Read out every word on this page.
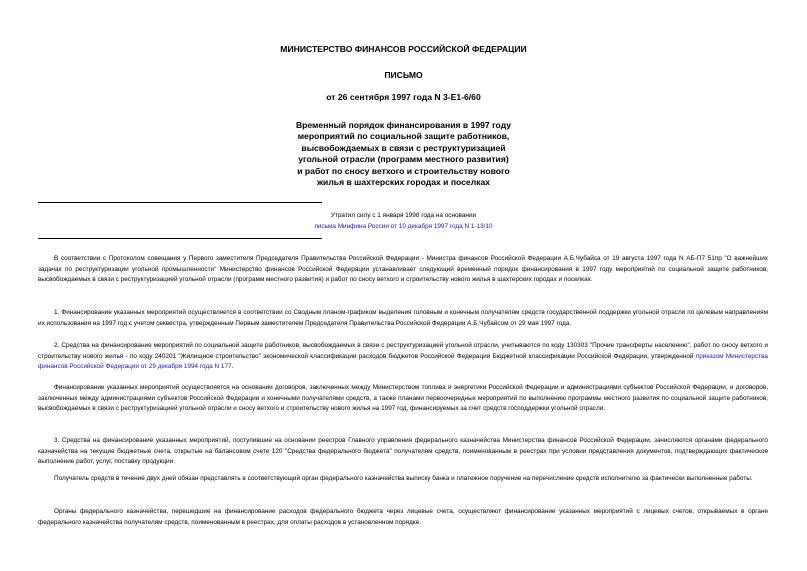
МИНИСТЕРСТВО ФИНАНСОВ РОССИЙСКОЙ ФЕДЕРАЦИИ
ПИСЬМО
от 26 сентября 1997 года N 3-Е1-6/60
Временный порядок финансирования в 1997 году
мероприятий по социальной защите работников,
высвобождаемых в связи с реструктуризацией
угольной отрасли (программ местного развития)
и работ по сносу ветхого и строительству нового
жилья в шахтерских городах и поселках
Утратил силу с 1 января 1998 года на основании
письма Минфина России от 10 декабря 1997 года N 1-13/10

В соответствии с Протоколом совещания у Первого заместителя Председателя Правительства Российской Федерации - Министра финансов Российской Федерации А.Б.Чубайса от 19 августа 1997 года N АБ-П7 51пр "О важнейших задачах по реструктуризации угольной промышленности" Министерство финансов Российской Федерации устанавливает следующий временный порядок финансирования в 1997 году мероприятий по социальной защите работников, высвобождаемых в связи с реструктуризацией угольной отрасли (программ местного развития) и работ по сносу ветхого и строительству нового жилья в шахтерских городах и поселках.

1. Финансирование указанных мероприятий осуществляется в соответствии со Сводным планом-графиком выделения головным и конечным получателям средств государственной поддержки угольной отрасли по целевым направлениям их использования на 1997 год с учетом секвестра, утвержденным Первым заместителем Председателя Правительства Российской Федерации А.Б.Чубайсом от 29 мая 1997 года.

2. Средства на финансирование мероприятий по социальной защите работников, высвобождаемых в связи с реструктуризацией угольной отрасли, учитываются по коду 130303 "Прочие трансферты населению", работ по сносу ветхого и строительству нового жилья - по коду 240201 "Жилищное строительство" экономической классификации расходов бюджетов Российской Федерации Бюджетной классификации Российской Федерации, утвержденной приказом Министерства финансов Российской Федерации от 29 декабря 1994 года N 177.

Финансирование указанных мероприятий осуществляется на основании договоров, заключенных между Министерством топлива и энергетики Российской Федерации и администрациями субъектов Российской Федерации, и договоров, заключенных между администрациями субъектов Российской Федерации и конечными получателями средств, а также планами первоочередных мероприятий по выполнению программы местного развития по социальной защите работников, высвобождаемых в связи с реструктуризацией угольной отрасли и сносу ветхого и строительству нового жилья на 1997 год, финансируемых за счет средств господдержки угольной отрасли.

3. Средства на финансирование указанных мероприятий, поступившие на основании реестров Главного управления федерального казначейства Министерства финансов Российской Федерации, зачисляются органами федерального казначейства на текущие бюджетные счета, открытые на балансовом счете 120 "Средства федерального бюджета" получателям средств, поименованным в реестрах при условии представления документов, подтверждающих фактическое выполнение работ, услуг, поставку продукции.

Получатель средств в течение двух дней обязан представлять в соответствующий орган федерального казначейства выписку банка и платежное поручение на перечисление средств исполнителю за фактически выполненные работы.

Органы федерального казначейства, перешедшие на финансирование расходов федерального бюджета через лицевые счета, осуществляют финансирование указанных мероприятий с лицевых счетов, открываемых в органе федерального казначейства получателям средств, поименованным в реестрах, для оплаты расходов в установленном порядке.
